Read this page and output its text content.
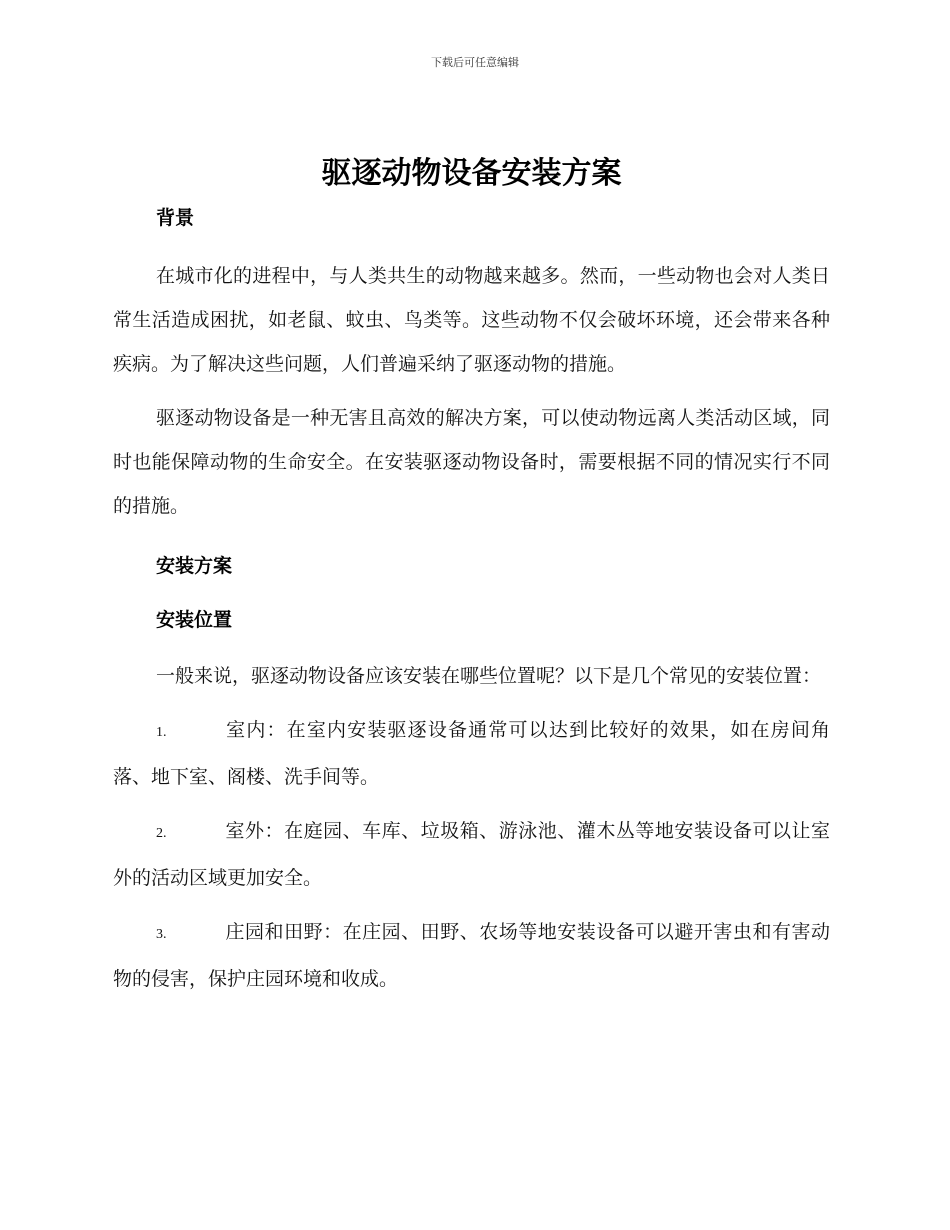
下载后可任意编辑
驱逐动物设备安装方案
背景

在城市化的进程中，与人类共生的动物越来越多。然而，一些动物也会对人类日常生活造成困扰，如老鼠、蚊虫、鸟类等。这些动物不仅会破坏环境，还会带来各种疾病。为了解决这些问题，人们普遍采纳了驱逐动物的措施。

驱逐动物设备是一种无害且高效的解决方案，可以使动物远离人类活动区域，同时也能保障动物的生命安全。在安装驱逐动物设备时，需要根据不同的情况实行不同的措施。

安装方案
安装位置

一般来说，驱逐动物设备应该安装在哪些位置呢？以下是几个常见的安装位置：

1.	室内：在室内安装驱逐设备通常可以达到比较好的效果，如在房间角落、地下室、阁楼、洗手间等。

2.	室外：在庭园、车库、垃圾箱、游泳池、灌木丛等地安装设备可以让室外的活动区域更加安全。

3.	庄园和田野：在庄园、田野、农场等地安装设备可以避开害虫和有害动物的侵害，保护庄园环境和收成。
